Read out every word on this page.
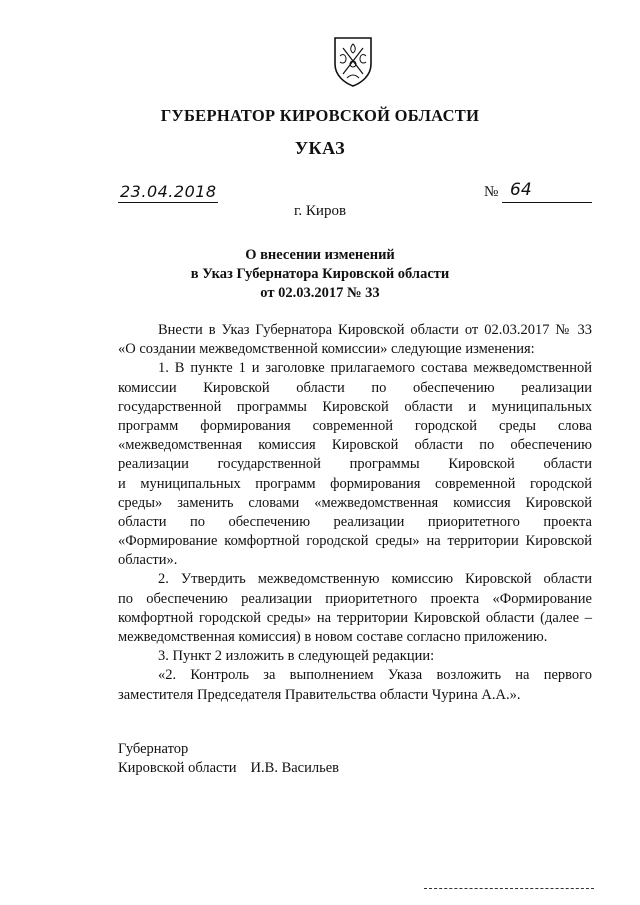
ГУБЕРНАТОР КИРОВСКОЙ ОБЛАСТИ
УКАЗ
23.04.2018	№ 64
г. Киров
О внесении изменений
в Указ Губернатора Кировской области
от 02.03.2017 № 33
Внести в Указ Губернатора Кировской области от 02.03.2017 № 33
«О создании межведомственной комиссии» следующие изменения:
1. В пункте 1 и заголовке прилагаемого состава межведомственной
комиссии Кировской области по обеспечению реализации
государственной программы Кировской области и муниципальных
программ формирования современной городской среды слова
«межведомственная комиссия Кировской области по обеспечению
реализации государственной программы Кировской области
и муниципальных программ формирования современной городской
среды» заменить словами «межведомственная комиссия Кировской
области по обеспечению реализации приоритетного проекта
«Формирование комфортной городской среды» на территории Кировской
области».
2. Утвердить межведомственную комиссию Кировской области
по обеспечению реализации приоритетного проекта «Формирование
комфортной городской среды» на территории Кировской области (далее –
межведомственная комиссия) в новом составе согласно приложению.
3. Пункт 2 изложить в следующей редакции:
«2. Контроль за выполнением Указа возложить на первого
заместителя Председателя Правительства области Чурина А.А.».
Губернатор
Кировской области И.В. Васильев
